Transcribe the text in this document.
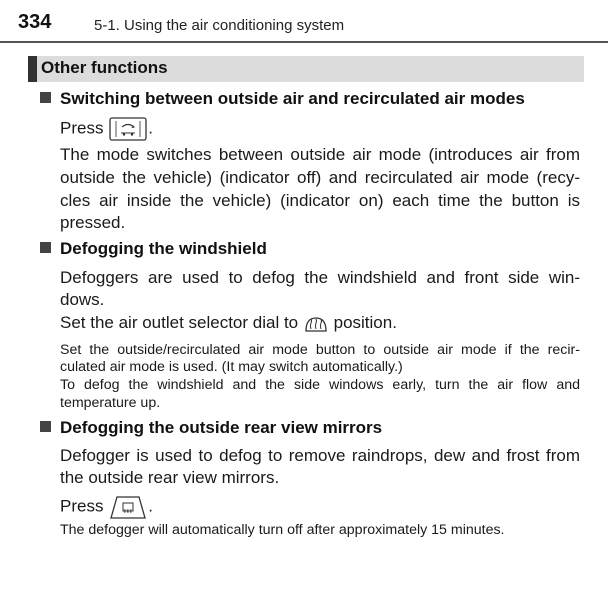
334	5-1. Using the air conditioning system
Other functions
Switching between outside air and recirculated air modes
Press	.
The mode switches between outside air mode (introduces air from
outside the vehicle) (indicator off) and recirculated air mode (recy-
cles air inside the vehicle) (indicator on) each time the button is
pressed.
Defogging the windshield
Defoggers are used to defog the windshield and front side win-
dows.
Set the air outlet selector dial to position.
Set the outside/recirculated air mode button to outside air mode if the recir-
culated air mode is used. (It may switch automatically.)
To defog the windshield and the side windows early, turn the air flow and
temperature up.
Defogging the outside rear view mirrors
Defogger is used to defog to remove raindrops, dew and frost from
the outside rear view mirrors.
Press	.
The defogger will automatically turn off after approximately 15 minutes.
